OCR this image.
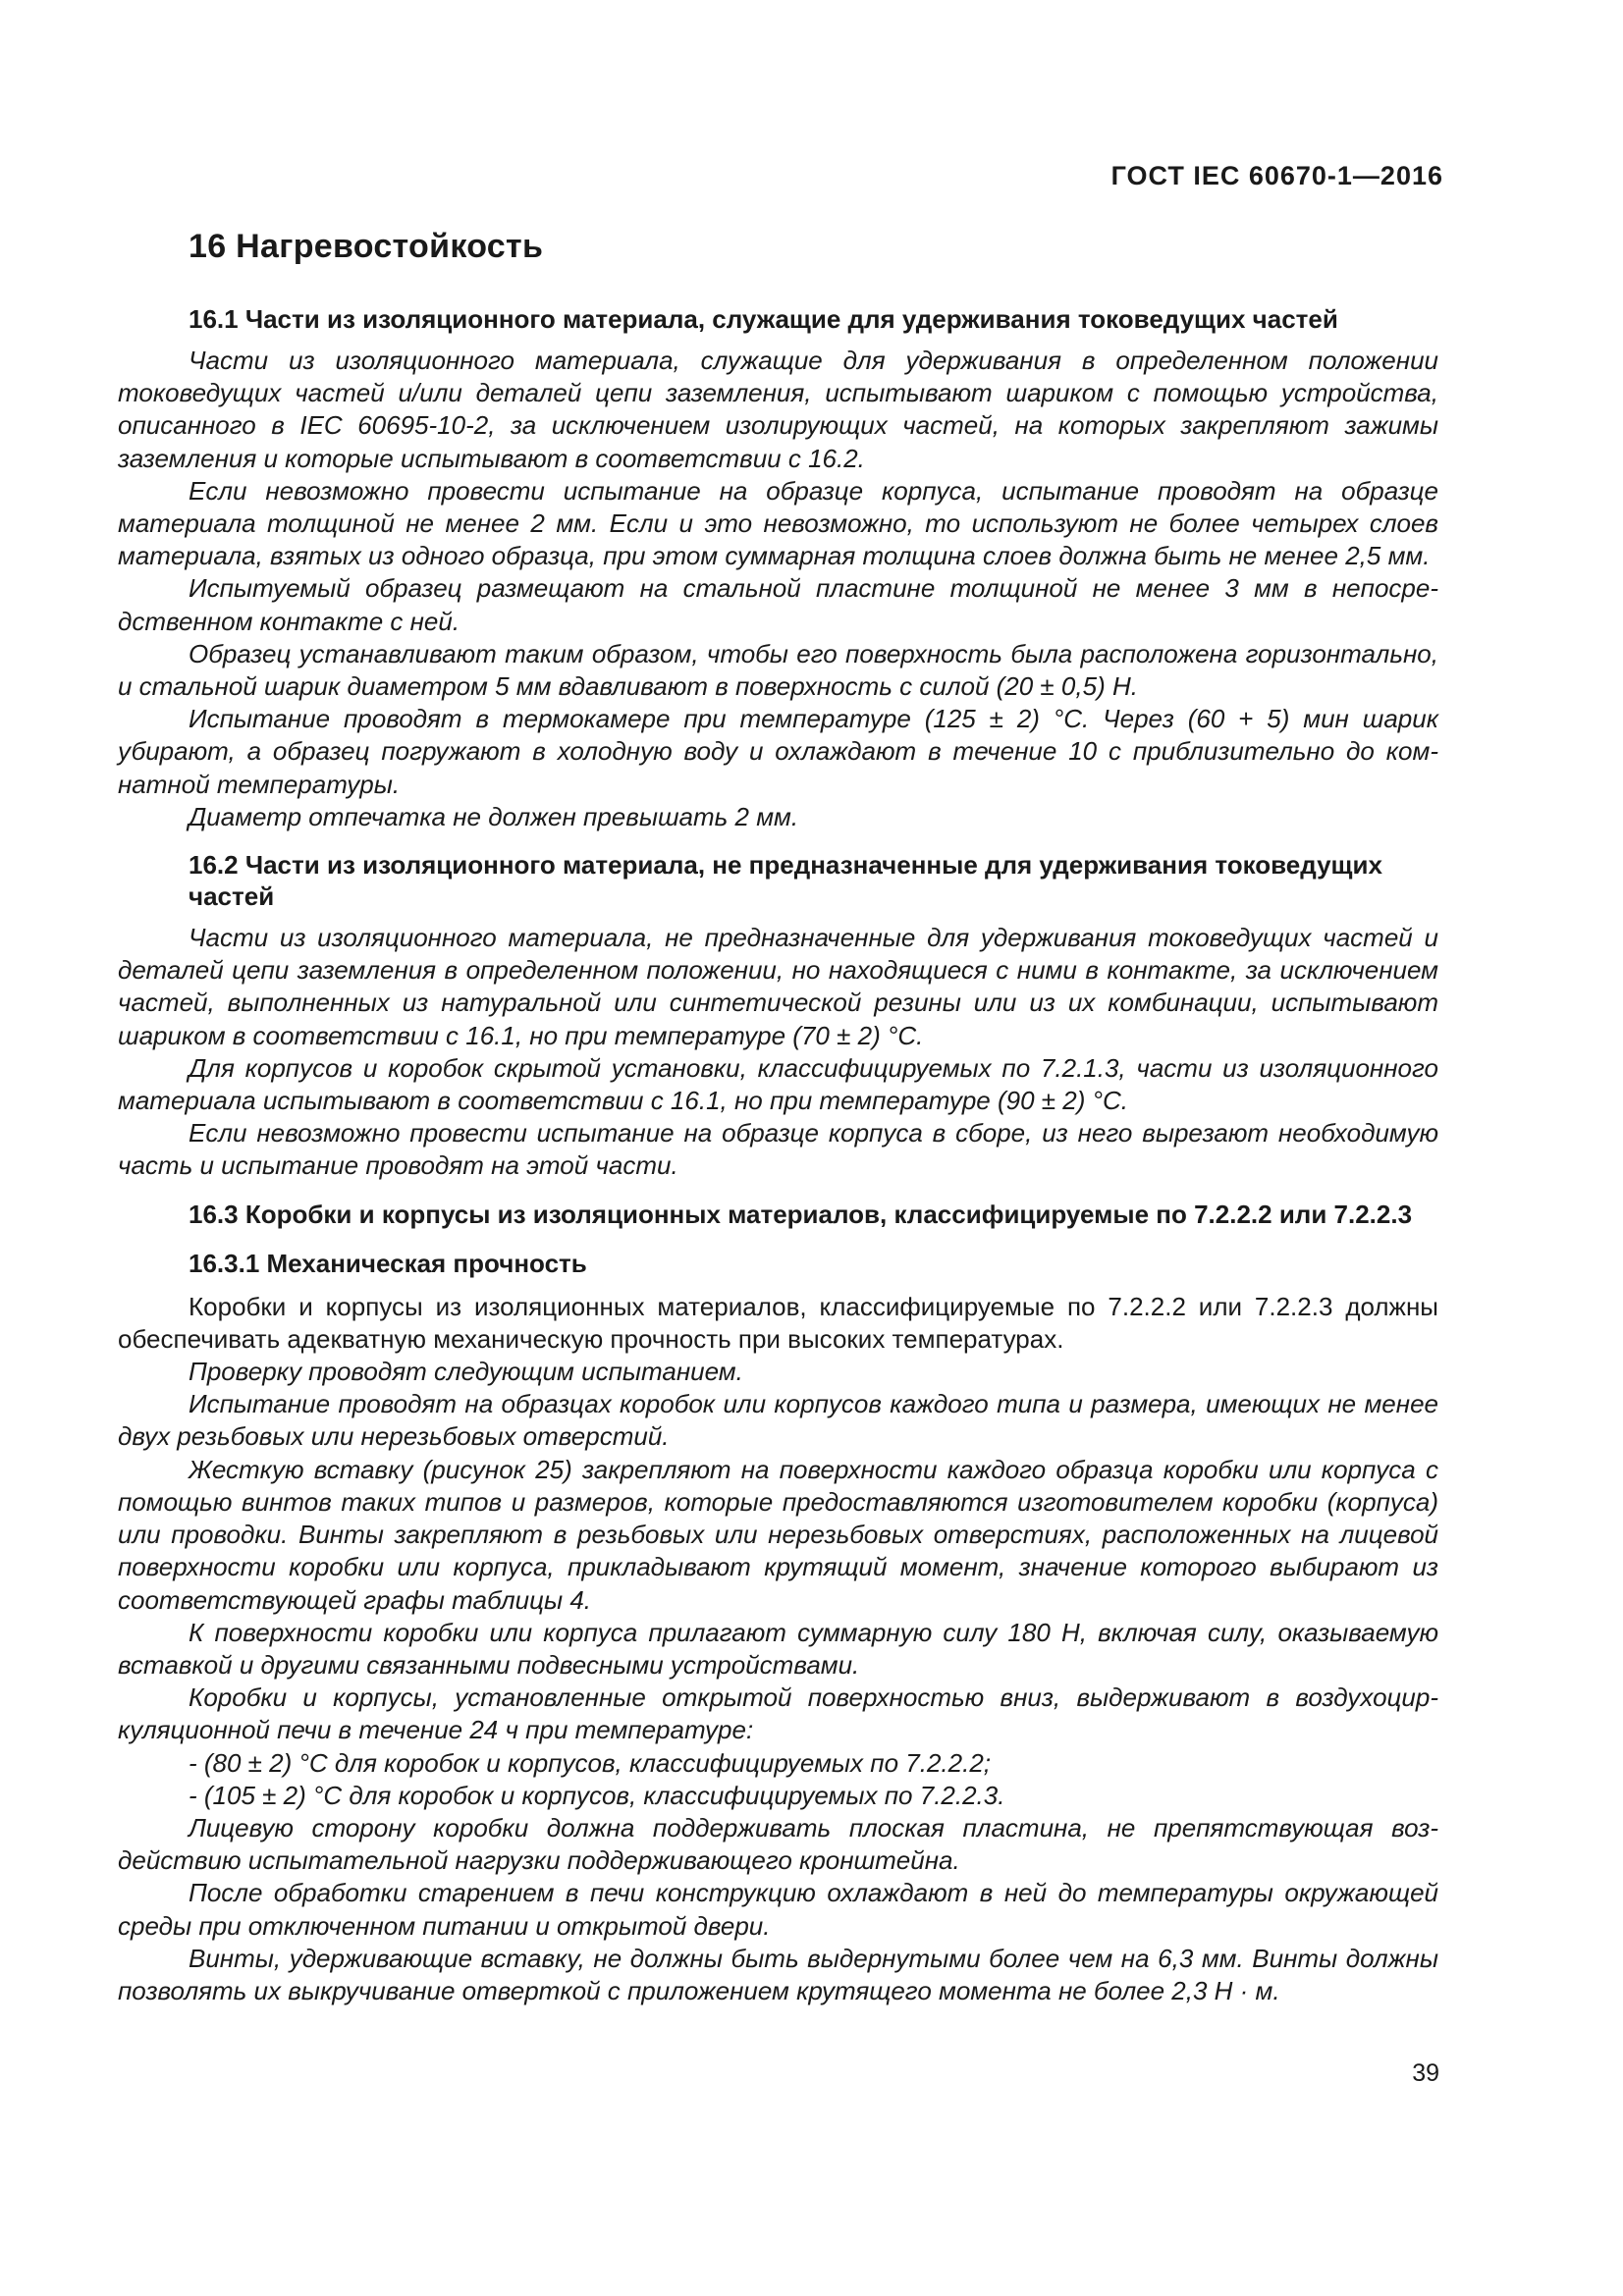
ГОСТ IEC 60670-1—2016
16 Нагревостойкость
16.1 Части из изоляционного материала, служащие для удерживания токоведущих частей

Части из изоляционного материала, служащие для удерживания в определенном положении токоведущих частей и/или деталей цепи заземления, испытывают шариком с помощью устройства, описанного в IEC 60695-10-2, за исключением изолирующих частей, на которых закрепляют зажимы заземления и которые испытывают в соответствии с 16.2.

Если невозможно провести испытание на образце корпуса, испытание проводят на образце материала толщиной не менее 2 мм. Если и это невозможно, то используют не более четырех слоев материала, взятых из одного образца, при этом суммарная толщина слоев должна быть не менее 2,5 мм.

Испытуемый образец размещают на стальной пластине толщиной не менее 3 мм в непосредственном контакте с ней.

Образец устанавливают таким образом, чтобы его поверхность была расположена горизонтально, и стальной шарик диаметром 5 мм вдавливают в поверхность с силой (20 ± 0,5) Н.

Испытание проводят в термокамере при температуре (125 ± 2) °С. Через (60 + 5) мин шарик убирают, а образец погружают в холодную воду и охлаждают в течение 10 с приблизительно до комнатной температуры.

Диаметр отпечатка не должен превышать 2 мм.

16.2 Части из изоляционного материала, не предназначенные для удерживания токоведущих частей

Части из изоляционного материала, не предназначенные для удерживания токоведущих частей и деталей цепи заземления в определенном положении, но находящиеся с ними в контакте, за исключением частей, выполненных из натуральной или синтетической резины или из их комбинации, испытывают шариком в соответствии с 16.1, но при температуре (70 ± 2) °С.

Для корпусов и коробок скрытой установки, классифицируемых по 7.2.1.3, части из изоляционного материала испытывают в соответствии с 16.1, но при температуре (90 ± 2) °С.

Если невозможно провести испытание на образце корпуса в сборе, из него вырезают необходимую часть и испытание проводят на этой части.

16.3 Коробки и корпусы из изоляционных материалов, классифицируемые по 7.2.2.2 или 7.2.2.3
16.3.1 Механическая прочность

Коробки и корпусы из изоляционных материалов, классифицируемые по 7.2.2.2 или 7.2.2.3 должны обеспечивать адекватную механическую прочность при высоких температурах.

Проверку проводят следующим испытанием.

Испытание проводят на образцах коробок или корпусов каждого типа и размера, имеющих не менее двух резьбовых или нерезьбовых отверстий.

Жесткую вставку (рисунок 25) закрепляют на поверхности каждого образца коробки или корпуса с помощью винтов таких типов и размеров, которые предоставляются изготовителем коробки (корпуса) или проводки. Винты закрепляют в резьбовых или нерезьбовых отверстиях, расположенных на лицевой поверхности коробки или корпуса, прикладывают крутящий момент, значение которого выбирают из соответствующей графы таблицы 4.

К поверхности коробки или корпуса прилагают суммарную силу 180 Н, включая силу, оказываемую вставкой и другими связанными подвесными устройствами.

Коробки и корпусы, установленные открытой поверхностью вниз, выдерживают в воздухоциркуляционной печи в течение 24 ч при температуре:

- (80 ± 2) °С для коробок и корпусов, классифицируемых по 7.2.2.2;

- (105 ± 2) °С для коробок и корпусов, классифицируемых по 7.2.2.3.

Лицевую сторону коробки должна поддерживать плоская пластина, не препятствующая воздействию испытательной нагрузки поддерживающего кронштейна.

После обработки старением в печи конструкцию охлаждают в ней до температуры окружающей среды при отключенном питании и открытой двери.

Винты, удерживающие вставку, не должны быть выдернутыми более чем на 6,3 мм. Винты должны позволять их выкручивание отверткой с приложением крутящего момента не более 2,3 Н · м.

39
